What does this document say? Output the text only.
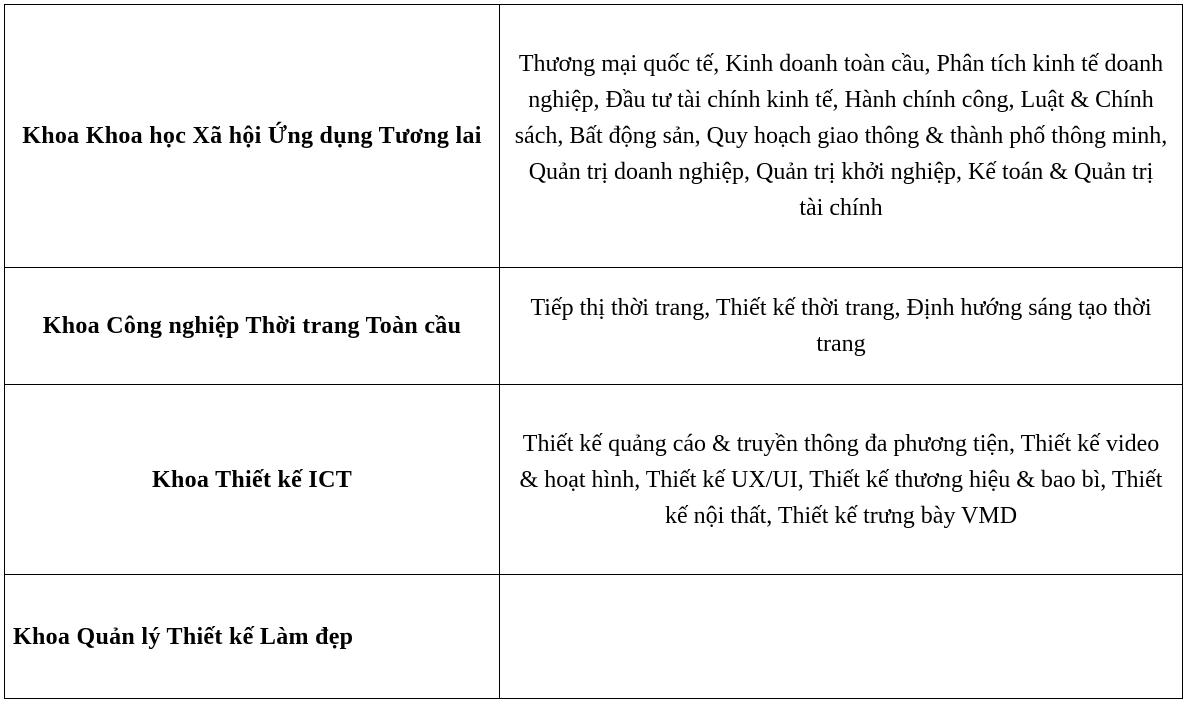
Khoa Khoa học Xã hội Ứng dụng Tương lai	Thương mại quốc tế, Kinh doanh toàn cầu, Phân tích kinh tế doanh nghiệp, Đầu tư tài chính kinh tế, Hành chính công, Luật & Chính sách, Bất động sản, Quy hoạch giao thông & thành phố thông minh, Quản trị doanh nghiệp, Quản trị khởi nghiệp, Kế toán & Quản trị tài chính
Khoa Công nghiệp Thời trang Toàn cầu	Tiếp thị thời trang, Thiết kế thời trang, Định hướng sáng tạo thời trang
Khoa Thiết kế ICT	Thiết kế quảng cáo & truyền thông đa phương tiện, Thiết kế video & hoạt hình, Thiết kế UX/UI, Thiết kế thương hiệu & bao bì, Thiết kế nội thất, Thiết kế trưng bày VMD
Khoa Quản lý Thiết kế Làm đẹp	
